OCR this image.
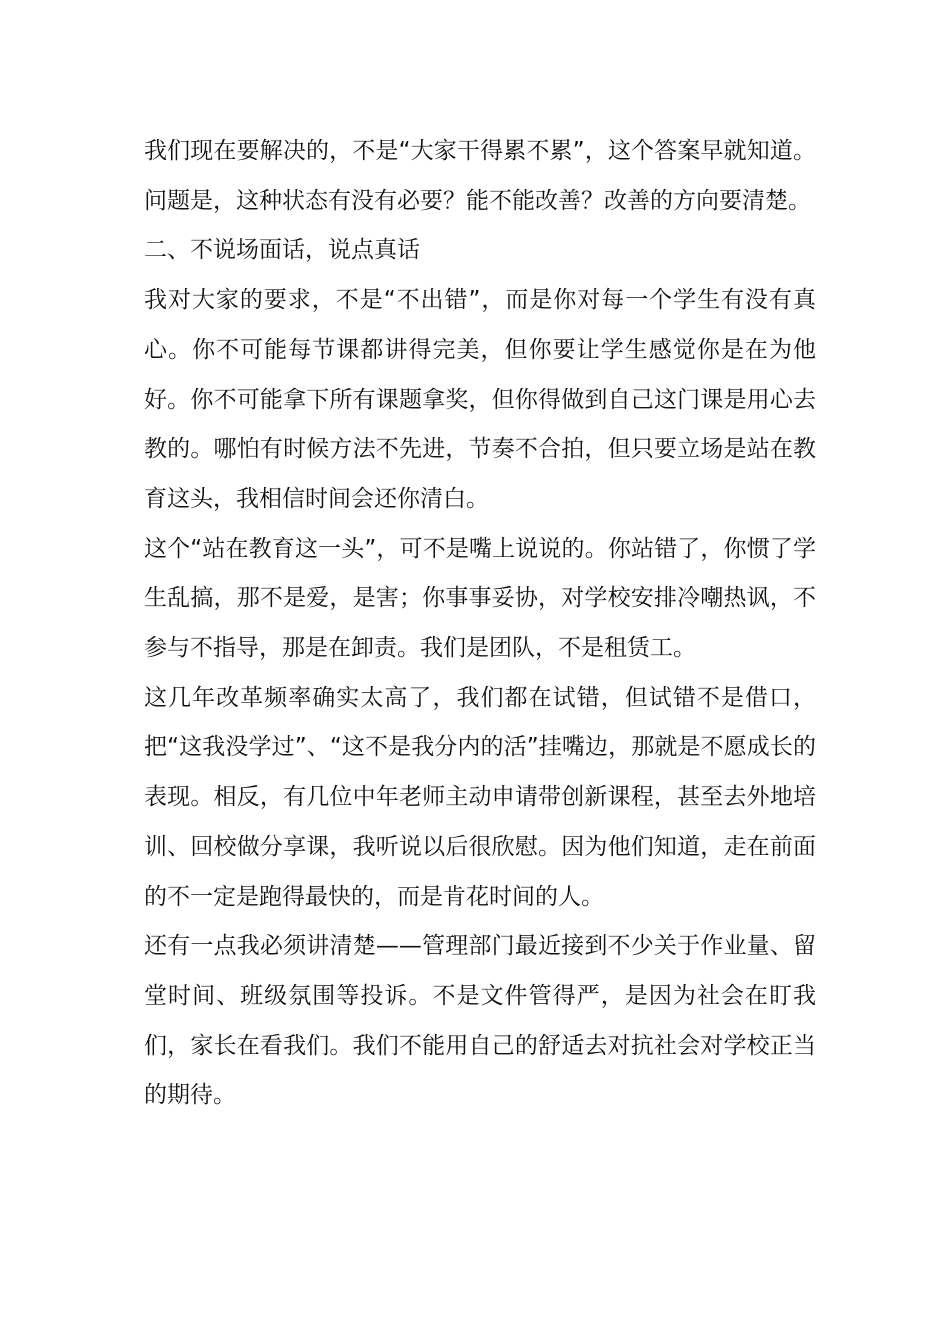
我们现在要解决的，不是“大家干得累不累”，这个答案早就知道。问题是，这种状态有没有必要？能不能改善？改善的方向要清楚。

二、不说场面话，说点真话

我对大家的要求，不是“不出错”，而是你对每一个学生有没有真心。你不可能每节课都讲得完美，但你要让学生感觉你是在为他好。你不可能拿下所有课题拿奖，但你得做到自己这门课是用心去教的。哪怕有时候方法不先进，节奏不合拍，但只要立场是站在教育这头，我相信时间会还你清白。

这个“站在教育这一头”，可不是嘴上说说的。你站错了，你惯了学生乱搞，那不是爱，是害；你事事妥协，对学校安排冷嘲热讽，不参与不指导，那是在卸责。我们是团队，不是租赁工。

这几年改革频率确实太高了，我们都在试错，但试错不是借口，把“这我没学过”、“这不是我分内的活”挂嘴边，那就是不愿成长的表现。相反，有几位中年老师主动申请带创新课程，甚至去外地培训、回校做分享课，我听说以后很欣慰。因为他们知道，走在前面的不一定是跑得最快的，而是肯花时间的人。

还有一点我必须讲清楚——管理部门最近接到不少关于作业量、留堂时间、班级氛围等投诉。不是文件管得严，是因为社会在盯我们，家长在看我们。我们不能用自己的舒适去对抗社会对学校正当的期待。
